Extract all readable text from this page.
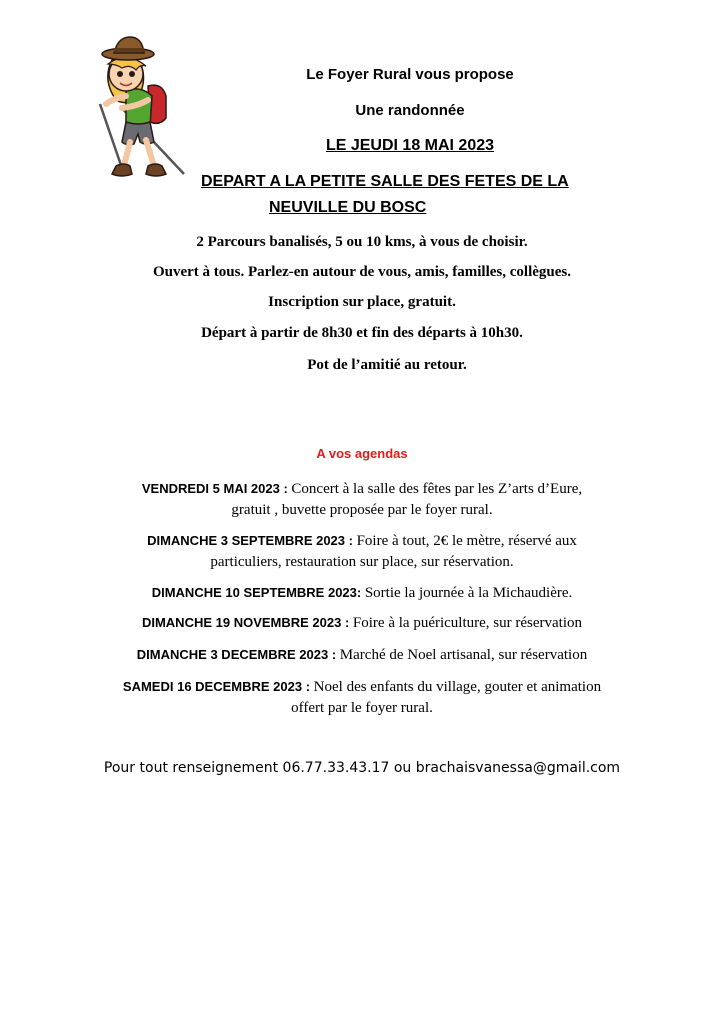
Le Foyer Rural vous propose
Une randonnée
LE JEUDI 18 MAI 2023
DEPART A LA PETITE SALLE DES FETES DE LA
NEUVILLE DU BOSC
2 Parcours banalisés, 5 ou 10 kms, à vous de choisir.
Ouvert à tous. Parlez-en autour de vous, amis, familles, collègues.
Inscription sur place, gratuit.
Départ à partir de 8h30 et fin des départs à 10h30.
Pot de l’amitié au retour.
A vos agendas
VENDREDI 5 MAI 2023 : Concert à la salle des fêtes par les Z’arts d’Eure,
gratuit , buvette proposée par le foyer rural.
DIMANCHE 3 SEPTEMBRE 2023 : Foire à tout, 2€ le mètre, réservé aux
particuliers, restauration sur place, sur réservation.
DIMANCHE 10 SEPTEMBRE 2023: Sortie la journée à la Michaudière.
DIMANCHE 19 NOVEMBRE 2023 : Foire à la puériculture, sur réservation
DIMANCHE 3 DECEMBRE 2023 : Marché de Noel artisanal, sur réservation
SAMEDI 16 DECEMBRE 2023 : Noel des enfants du village, gouter et animation
offert par le foyer rural.
Pour tout renseignement 06.77.33.43.17 ou brachaisvanessa@gmail.com
